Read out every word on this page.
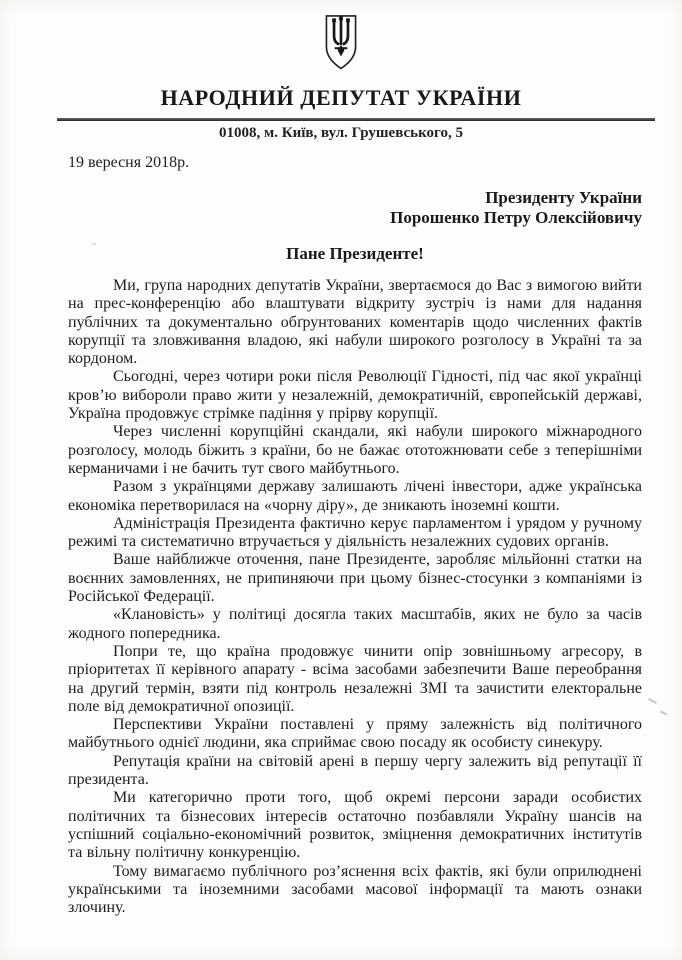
НАРОДНИЙ ДЕПУТАТ УКРАЇНИ
01008, м. Київ, вул. Грушевського, 5
19 вересня 2018р.
Президенту України
Порошенко Петру Олексійовичу
Пане Президенте!

Ми, група народних депутатів України, звертаємося до Вас з вимогою вийти на прес-конференцію або влаштувати відкриту зустріч із нами для надання публічних та документально обґрунтованих коментарів щодо численних фактів корупції та зловживання владою, які набули широкого розголосу в Україні та за кордоном.

Сьогодні, через чотири роки після Революції Гідності, під час якої українці кров’ю вибороли право жити у незалежній, демократичній, європейській державі, Україна продовжує стрімке падіння у прірву корупції.

Через численні корупційні скандали, які набули широкого міжнародного розголосу, молодь біжить з країни, бо не бажає ототожнювати себе з теперішніми керманичами і не бачить тут свого майбутнього.

Разом з українцями державу залишають лічені інвестори, адже українська економіка перетворилася на «чорну діру», де зникають іноземні кошти.

Адміністрація Президента фактично керує парламентом і урядом у ручному режимі та систематично втручається у діяльність незалежних судових органів.

Ваше найближче оточення, пане Президенте, заробляє мільйонні статки на воєнних замовленнях, не припиняючи при цьому бізнес-стосунки з компаніями із Російської Федерації.

«Клановість» у політиці досягла таких масштабів, яких не було за часів жодного попередника.

Попри те, що країна продовжує чинити опір зовнішньому агресору, в пріоритетах її керівного апарату - всіма засобами забезпечити Ваше переобрання на другий термін, взяти під контроль незалежні ЗМІ та зачистити електоральне поле від демократичної опозиції.

Перспективи України поставлені у пряму залежність від політичного майбутнього однієї людини, яка сприймає свою посаду як особисту синекуру.

Репутація країни на світовій арені в першу чергу залежить від репутації її президента.

Ми категорично проти того, щоб окремі персони заради особистих політичних та бізнесових інтересів остаточно позбавляли Україну шансів на успішний соціально-економічний розвиток, зміцнення демократичних інститутів та вільну політичну конкуренцію.

Тому вимагаємо публічного роз’яснення всіх фактів, які були оприлюднені українськими та іноземними засобами масової інформації та мають ознаки злочину.
